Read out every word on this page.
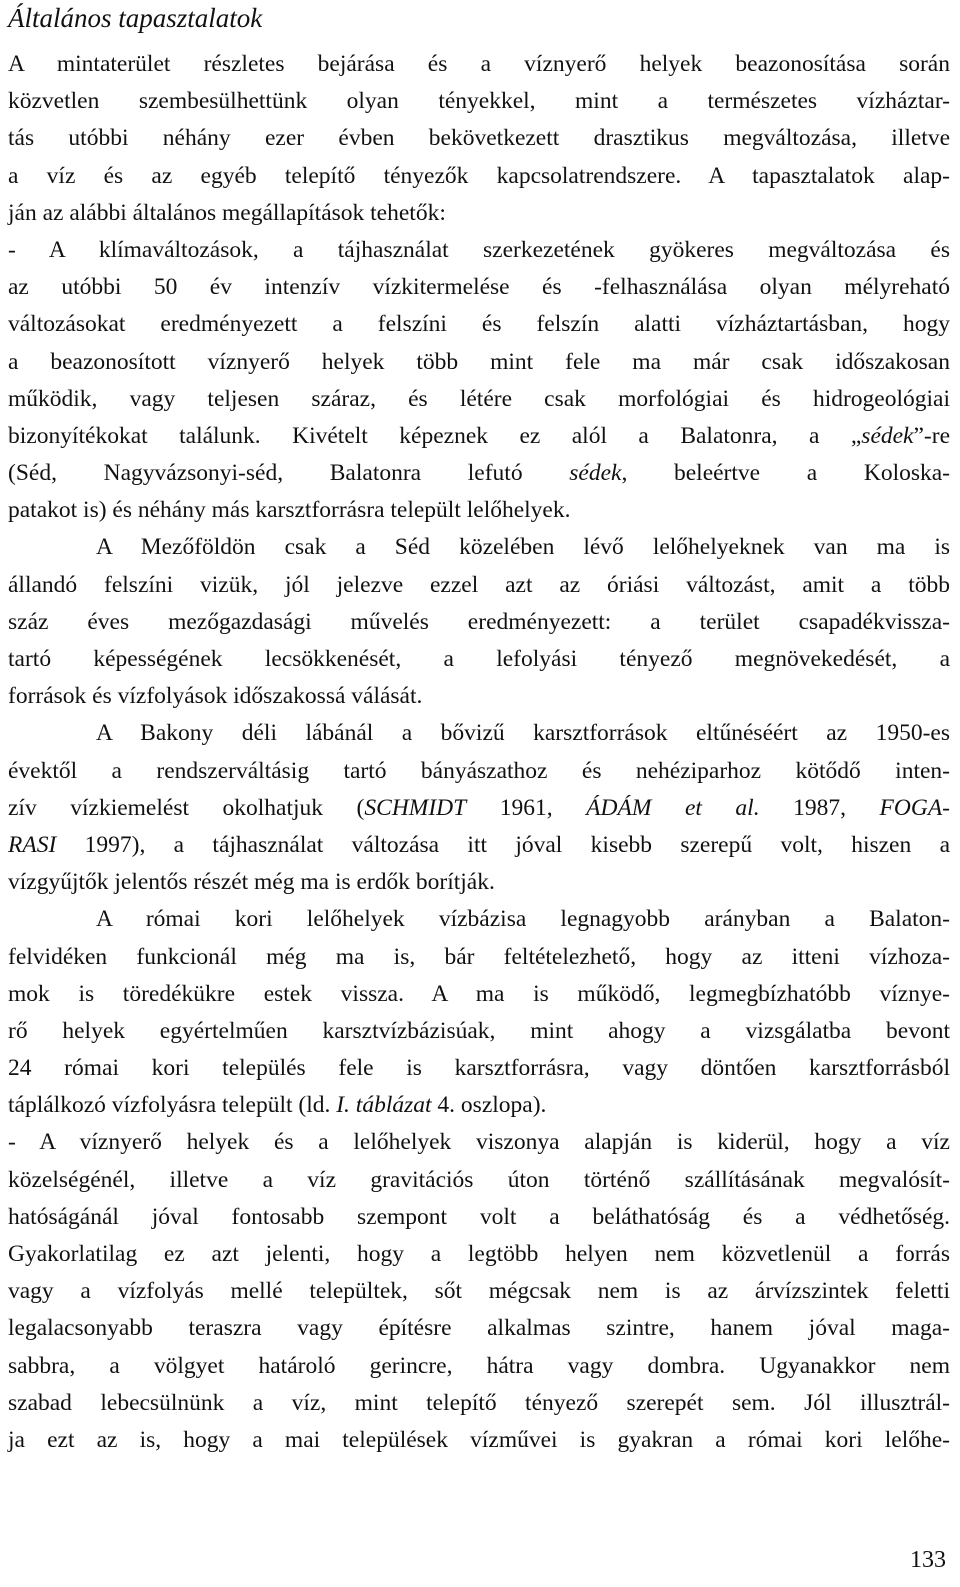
Általános tapasztalatok
A mintaterület részletes bejárása és a víznyerő helyek beazonosítása során
közvetlen szembesülhettünk olyan tényekkel, mint a természetes vízháztar-
tás utóbbi néhány ezer évben bekövetkezett drasztikus megváltozása, illetve
a víz és az egyéb telepítő tényezők kapcsolatrendszere. A tapasztalatok alap-
ján az alábbi általános megállapítások tehetők:
- A klímaváltozások, a tájhasználat szerkezetének gyökeres megváltozása és
az utóbbi 50 év intenzív vízkitermelése és -felhasználása olyan mélyreható
változásokat eredményezett a felszíni és felszín alatti vízháztartásban, hogy
a beazonosított víznyerő helyek több mint fele ma már csak időszakosan
működik, vagy teljesen száraz, és létére csak morfológiai és hidrogeológiai
bizonyítékokat találunk. Kivételt képeznek ez alól a Balatonra, a „sédek”-re
(Séd, Nagyvázsonyi-séd, Balatonra lefutó sédek, beleértve a Koloska-
patakot is) és néhány más karsztforrásra települt lelőhelyek.
A Mezőföldön csak a Séd közelében lévő lelőhelyeknek van ma is
állandó felszíni vizük, jól jelezve ezzel azt az óriási változást, amit a több
száz éves mezőgazdasági művelés eredményezett: a terület csapadékvissza-
tartó képességének lecsökkenését, a lefolyási tényező megnövekedését, a
források és vízfolyások időszakossá válását.
A Bakony déli lábánál a bővizű karsztforrások eltűnéséért az 1950-es
évektől a rendszerváltásig tartó bányászathoz és nehéziparhoz kötődő inten-
zív vízkiemelést okolhatjuk (SCHMIDT 1961, ÁDÁM et al. 1987, FOGA-
RASI 1997), a tájhasználat változása itt jóval kisebb szerepű volt, hiszen a
vízgyűjtők jelentős részét még ma is erdők borítják.
A római kori lelőhelyek vízbázisa legnagyobb arányban a Balaton-
felvidéken funkcionál még ma is, bár feltételezhető, hogy az itteni vízhoza-
mok is töredékükre estek vissza. A ma is működő, legmegbízhatóbb víznye-
rő helyek egyértelműen karsztvízbázisúak, mint ahogy a vizsgálatba bevont
24 római kori település fele is karsztforrásra, vagy döntően karsztforrásból
táplálkozó vízfolyásra települt (ld. I. táblázat 4. oszlopa).
- A víznyerő helyek és a lelőhelyek viszonya alapján is kiderül, hogy a víz
közelségénél, illetve a víz gravitációs úton történő szállításának megvalósít-
hatóságánál jóval fontosabb szempont volt a beláthatóság és a védhetőség.
Gyakorlatilag ez azt jelenti, hogy a legtöbb helyen nem közvetlenül a forrás
vagy a vízfolyás mellé települtek, sőt mégcsak nem is az árvízszintek feletti
legalacsonyabb teraszra vagy építésre alkalmas szintre, hanem jóval maga-
sabbra, a völgyet határoló gerincre, hátra vagy dombra. Ugyanakkor nem
szabad lebecsülnünk a víz, mint telepítő tényező szerepét sem. Jól illusztrál-
ja ezt az is, hogy a mai települések vízművei is gyakran a római kori lelőhe-
133
